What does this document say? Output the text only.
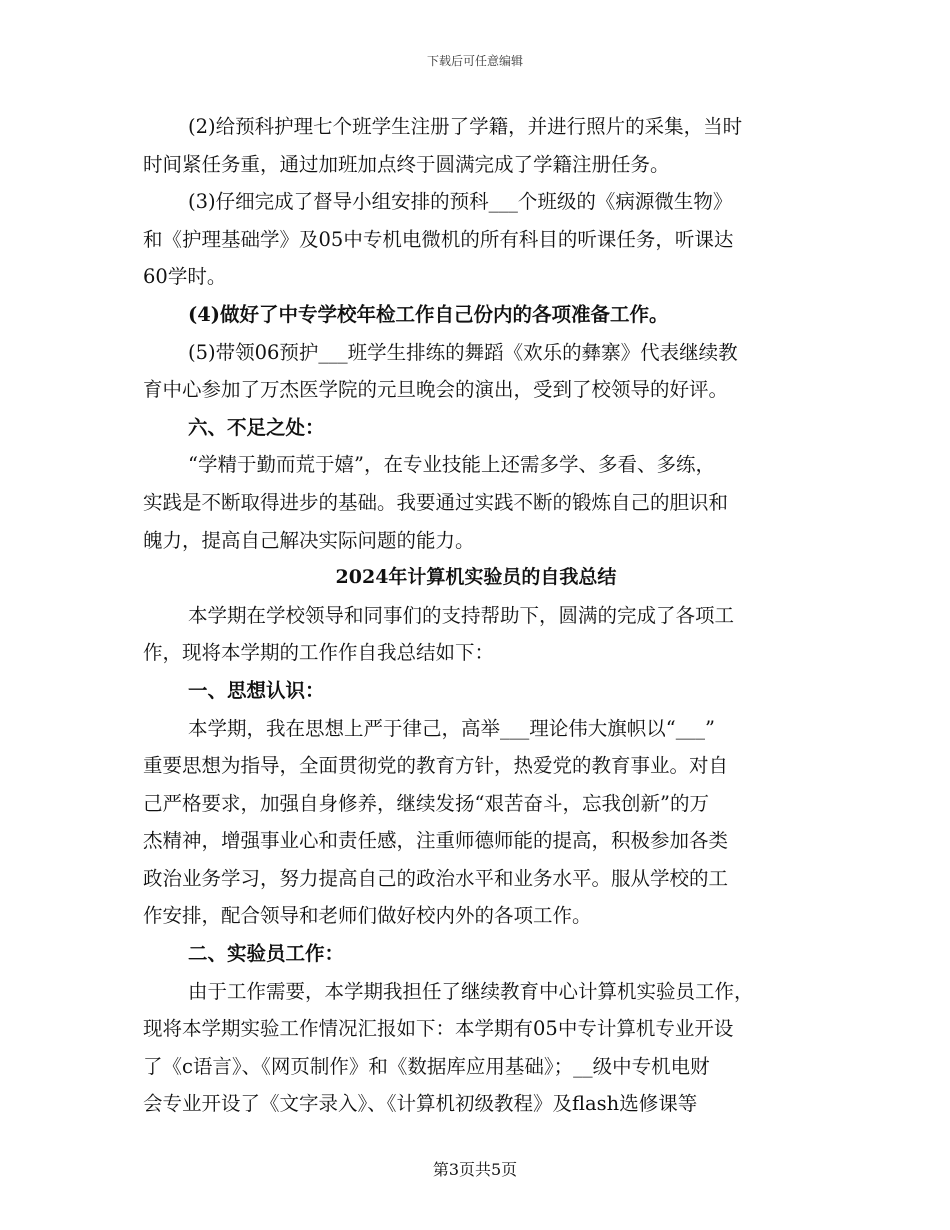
下载后可任意编辑
(2)给预科护理七个班学生注册了学籍，并进行照片的采集，当时
时间紧任务重，通过加班加点终于圆满完成了学籍注册任务。
(3)仔细完成了督导小组安排的预科___个班级的《病源微生物》
和《护理基础学》及05中专机电微机的所有科目的听课任务，听课达
60学时。
(4)做好了中专学校年检工作自己份内的各项准备工作。
(5)带领06预护___班学生排练的舞蹈《欢乐的彝寨》代表继续教
育中心参加了万杰医学院的元旦晚会的演出，受到了校领导的好评。
六、不足之处：
“学精于勤而荒于嬉”，在专业技能上还需多学、多看、多练，
实践是不断取得进步的基础。我要通过实践不断的锻炼自己的胆识和
魄力，提高自己解决实际问题的能力。
2024年计算机实验员的自我总结
本学期在学校领导和同事们的支持帮助下，圆满的完成了各项工
作，现将本学期的工作作自我总结如下：
一、思想认识：
本学期，我在思想上严于律己，高举___理论伟大旗帜以“___”
重要思想为指导，全面贯彻党的教育方针，热爱党的教育事业。对自
己严格要求，加强自身修养，继续发扬“艰苦奋斗，忘我创新”的万
杰精神，增强事业心和责任感，注重师德师能的提高，积极参加各类
政治业务学习，努力提高自己的政治水平和业务水平。服从学校的工
作安排，配合领导和老师们做好校内外的各项工作。
二、实验员工作：
由于工作需要，本学期我担任了继续教育中心计算机实验员工作，
现将本学期实验工作情况汇报如下：本学期有05中专计算机专业开设
了《c语言》、《网页制作》和《数据库应用基础》；__级中专机电财
会专业开设了《文字录入》、《计算机初级教程》及flash选修课等
第3页共5页
